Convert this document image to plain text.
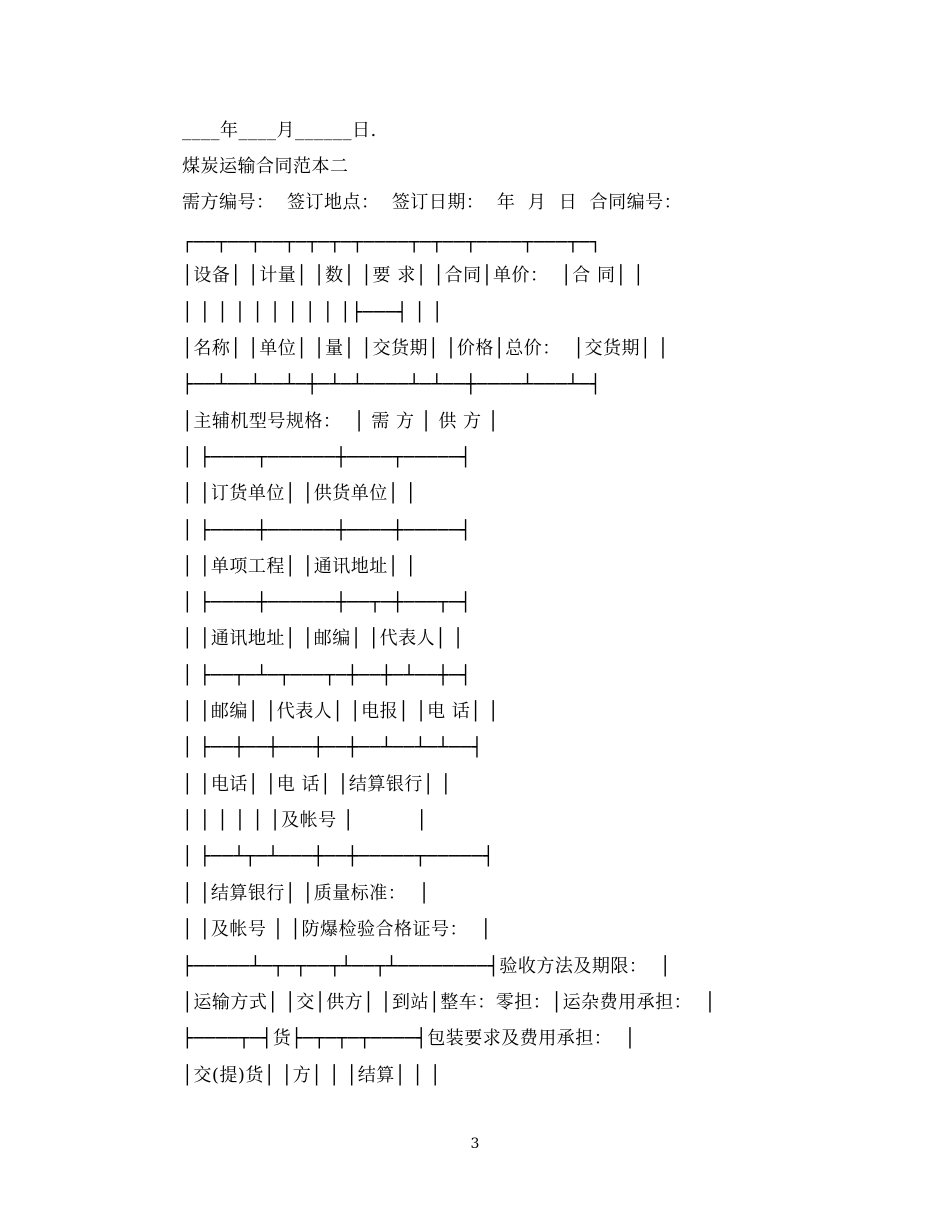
____年____月______日.
煤炭运输合同范本二
需方编号：  签订地点：  签订日期：  年  月  日  合同编号：
┌──┬──┬──┬─┬─┬─┬────┬─┬──┬────┬───┬─┐
│设备│ │计量│ │数│ │要 求│ │合同│单价：  │合 同│ │
│ │ │ │ │ │ │ │ │ │├───┤ │ │
│名称│ │单位│ │量│ │交货期│ │价格│总价：  │交货期│ │
├──┴──┴──┴─┼─┴─┴────┴─┴──┼────┴───┴─┤
│主辅机型号规格：  │ 需 方 │ 供 方 │
│ ├────┬──────┼────┬─────┤
│ │订货单位│ │供货单位│ │
│ ├────┼──────┼────┼─────┤
│ │单项工程│ │通讯地址│ │
│ ├────┼──────┼──┬─┼───┬─┤
│ │通讯地址│ │邮编│ │代表人│ │
│ ├──┬─┴─┬───┬─┼──┼─┴──┼─┤
│ │邮编│ │代表人│ │电报│ │电 话│ │
│ ├──┼──┼───┼──┼──┴──┴─┴──┤
│ │电话│ │电 话│ │结算银行│ │
│ │ │ │ │ │及帐号 │          │
│ ├──┴┬─┴───┼──┼─────┬─────┤
│ │结算银行│ │质量标准：  │
│ │及帐号 │ │防爆检验合格证号：  │
├─────┴─┬─┬──┬┴──┬┴────────┤验收方法及期限：  │
│运输方式│ │交│供方│ │到站│整车：零担：│运杂费用承担：  │
├────┬─┤货├─┬─┬─┬────┤包装要求及费用承担：  │
│交(提)货│ │方│ │ │结算│ │ │
3
